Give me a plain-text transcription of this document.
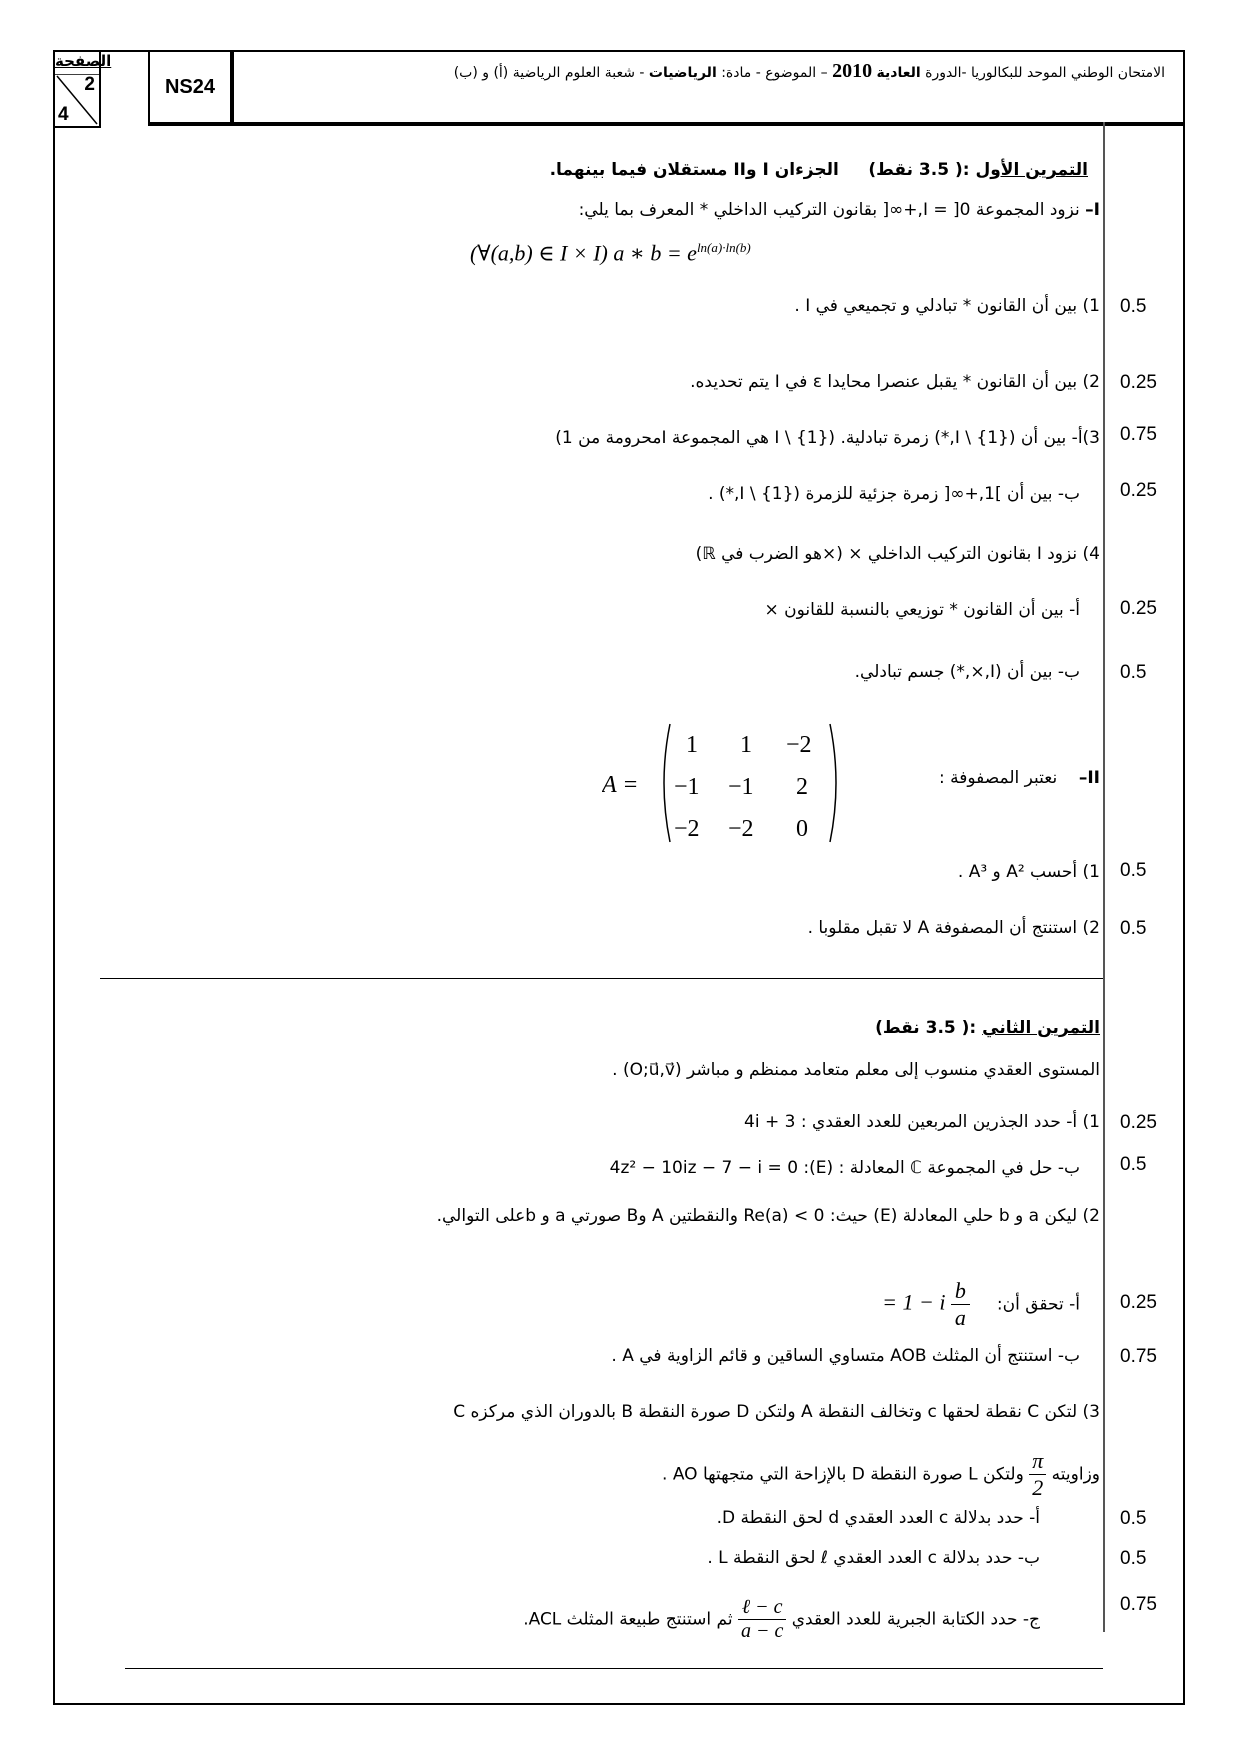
الصفحة
2
4
NS24
الامتحان الوطني الموحد للبكالوريا -الدورة العادية 2010 – الموضوع - مادة: الرياضيات - شعبة العلوم الرياضية (أ) و (ب)
التمرين الأول :( 3.5 نقط)     الجزءان I وII مستقلان فيما بينهما.
I– نزود المجموعة I = ]0,+∞[ بقانون التركيب الداخلي * المعرف بما يلي:
(∀(a,b) ∈ I × I) a ∗ $b = e^{ln(a)\cdot ln(b)}$
1) بين أن القانون * تبادلي و تجميعي في I . 0.5
2) بين أن القانون * يقبل عنصرا محايدا ε في I يتم تحديده. 0.25
3)أ- بين أن (I \ {1},*) زمرة تبادلية. (I \ {1} هي المجموعة Iمحرومة من 1) 0.75
ب- بين أن ]1,+∞[ زمرة جزئية للزمرة (I \ {1},*) . 0.25
4) نزود I بقانون التركيب الداخلي × (×هو الضرب في ℝ)
أ- بين أن القانون * توزيعي بالنسبة للقانون × 0.25
ب- بين أن (I,×,*) جسم تبادلي. 0.5
II–    نعتبر المصفوفة :
A =
1 1 −2
−1 −1 2
−2 −2 0
1) أحسب A² و A³ . 0.5
2) استنتج أن المصفوفة A لا تقبل مقلوبا . 0.5
التمرين الثاني :( 3.5 نقط)
المستوى العقدي منسوب إلى معلم متعامد ممنظم و مباشر (O;u⃗,v⃗) .
1) أ- حدد الجذرين المربعين للعدد العقدي : 3 + 4i 0.25
ب- حل في المجموعة ℂ المعادلة : (E): 4z² − 10iz − 7 − i = 0 0.5
2) ليكن a و b حلي المعادلة (E) حيث: Re(a) < 0 والنقطتين A وB صورتي a و bعلى التوالي.
أ- تحقق أن:
$\frac{b}{a}$
= 1 − i	0.25
ب- استنتج أن المثلث AOB متساوي الساقين و قائم الزاوية في A . 0.75
3) لتكن C نقطة لحقها c وتخالف النقطة A ولتكن D صورة النقطة B بالدوران الذي مركزه C
وزاويته
$\frac{\pi}{2}$
ولتكن L صورة النقطة D بالإزاحة التي متجهتها AO .
أ- حدد بدلالة c العدد العقدي d لحق النقطة D.	0.5
ب- حدد بدلالة c العدد العقدي ℓ لحق النقطة L .	0.5
ج- حدد الكتابة الجبرية للعدد العقدي
ℓ − c
a − c
ثم استنتج طبيعة المثلث ACL.
0.75
